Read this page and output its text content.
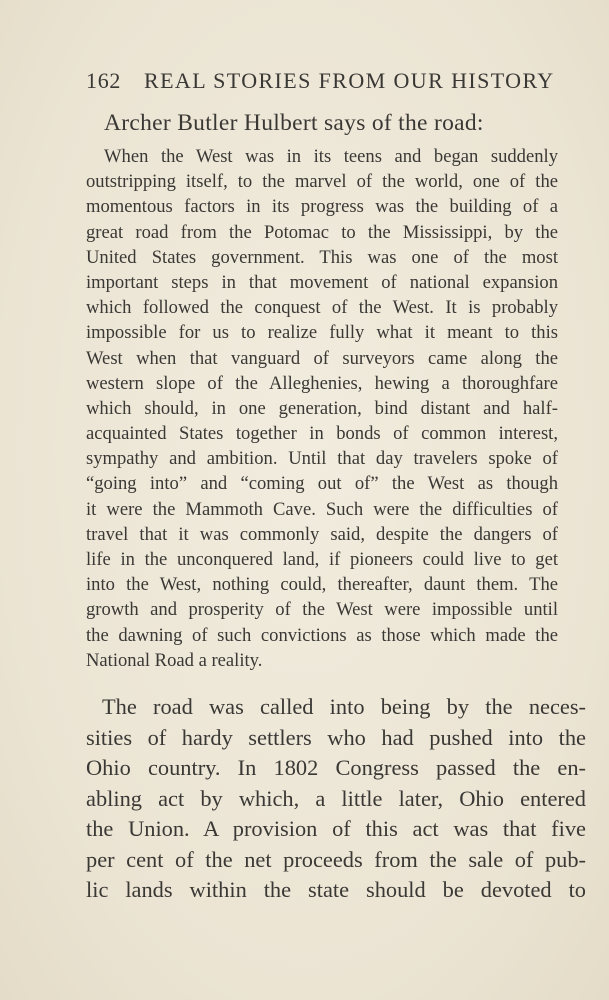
162 REAL STORIES FROM OUR HISTORY
Archer Butler Hulbert says of the road:
When the West was in its teens and began suddenly
outstripping itself, to the marvel of the world, one of the
momentous factors in its progress was the building of a
great road from the Potomac to the Mississippi, by the
United States government. This was one of the most
important steps in that movement of national expansion
which followed the conquest of the West. It is probably
impossible for us to realize fully what it meant to this
West when that vanguard of surveyors came along the
western slope of the Alleghenies, hewing a thoroughfare
which should, in one generation, bind distant and half-
acquainted States together in bonds of common interest,
sympathy and ambition. Until that day travelers spoke of
“going into” and “coming out of” the West as though
it were the Mammoth Cave. Such were the difficulties of
travel that it was commonly said, despite the dangers of
life in the unconquered land, if pioneers could live to get
into the West, nothing could, thereafter, daunt them. The
growth and prosperity of the West were impossible until
the dawning of such convictions as those which made the
National Road a reality.
The road was called into being by the neces-
sities of hardy settlers who had pushed into the
Ohio country. In 1802 Congress passed the en-
abling act by which, a little later, Ohio entered
the Union. A provision of this act was that five
per cent of the net proceeds from the sale of pub-
lic lands within the state should be devoted to
